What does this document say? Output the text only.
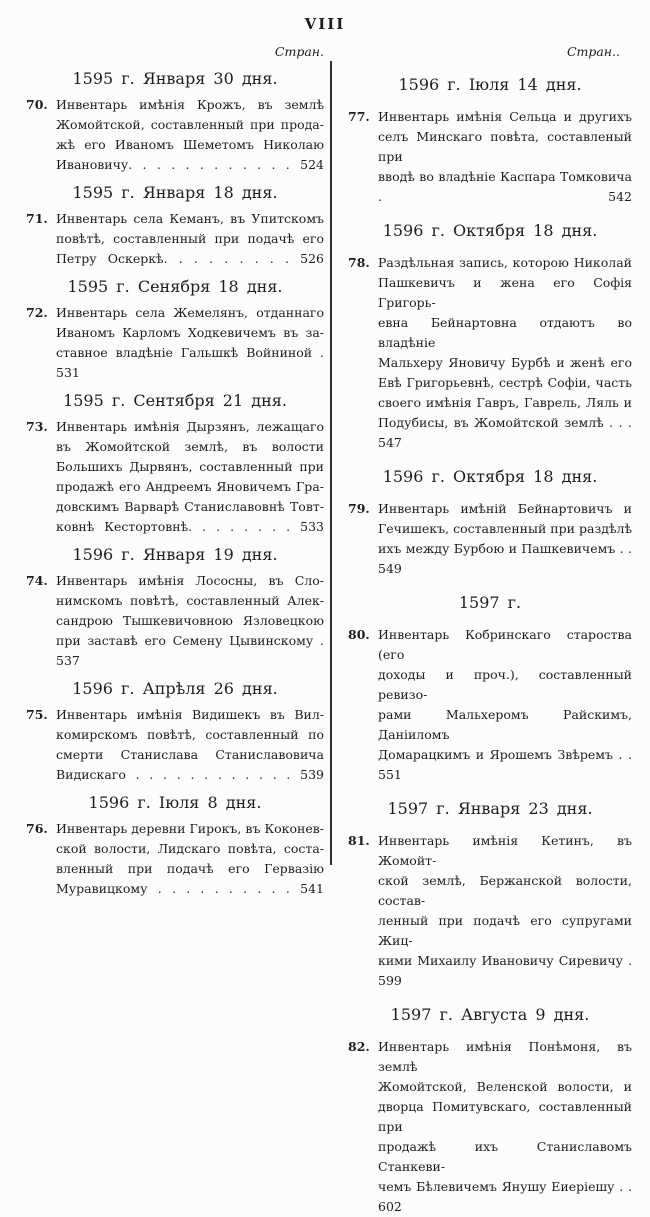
VIII
Стран.	Стран..
1595 г. Января 30 дня.
70. Инвентарь имѣнія Крожъ, въ землѣ
Жомойтской, составленный при прода-
жѣ его Иваномъ Шеметомъ Николаю
Ивановичу. . . . . . . . . . . . 524
1595 г. Января 18 дня.
71. Инвентарь села Кеманъ, въ Упитскомъ
повѣтѣ, составленный при подачѣ его
Петру Оскеркѣ. . . . . . . . . 526
1595 г. Сенября 18 дня.
72. Инвентарь села Жемелянъ, отданнаго
Иваномъ Карломъ Ходкевичемъ въ за-
ставное владѣніе Гальшкѣ Войниной . 531
1595 г. Сентября 21 дня.
73. Инвентарь имѣнія Дырзянъ, лежащаго
въ Жомойтской землѣ, въ волости
Большихъ Дырвянъ, составленный при
продажѣ его Андреемъ Яновичемъ Гра-
довскимъ Варварѣ Станиславовнѣ Товт-
ковнѣ Кестортовнѣ. . . . . . . . 533
1596 г. Января 19 дня.
74. Инвентарь имѣнія Лососны, въ Сло-
нимскомъ повѣтѣ, составленный Алек-
сандрою Тышкевичовною Язловецкою
при заставѣ его Семену Цывинскому . 537
1596 г. Апрѣля 26 дня.
75. Инвентарь имѣнія Видишекъ въ Вил-
комирскомъ повѣтѣ, составленный по
смерти Станислава Станиславовича
Видискаго . . . . . . . . . . . . 539
1596 г. Іюля 8 дня.
76. Инвентарь деревни Гирокъ, въ Коконев-
ской волости, Лидскаго повѣта, соста-
вленный при подачѣ его Гервазію
Муравицкому . . . . . . . . . . 541
1596 г. Іюля 14 дня.
77. Инвентарь имѣнія Сельца и другихъ
селъ Минскаго повѣта, составленый при
вводѣ во владѣніе Каспара Томковича . 542
1596 г. Октября 18 дня.
78. Раздѣльная запись, которою Николай
Пашкевичъ и жена его Софія Григорь-
евна Бейнартовна отдаютъ во владѣніе
Мальхеру Яновичу Бурбѣ и женѣ его
Евѣ Григорьевнѣ, сестрѣ Софіи, часть
своего имѣнія Гавръ, Гаврель, Ляль и
Подубисы, въ Жомойтской землѣ . . . 547
1596 г. Октября 18 дня.
79. Инвентарь имѣній Бейнартовичъ и
Гечишекъ, составленный при раздѣлѣ
ихъ между Бурбою и Пашкевичемъ . . 549
1597 г.
80. Инвентарь Кобринскаго староства (его
доходы и проч.), составленный ревизо-
рами Мальхеромъ Райскимъ, Даніиломъ
Домарацкимъ и Ярошемъ Звѣремъ . . 551
1597 г. Января 23 дня.
81. Инвентарь имѣнія Кетинъ, въ Жомойт-
ской землѣ, Бержанской волости, состав-
ленный при подачѣ его супругами Жиц-
кими Михаилу Ивановичу Сиревичу . 599
1597 г. Августа 9 дня.
82. Инвентарь имѣнія Понѣмоня, въ землѣ
Жомойтской, Веленской волости, и
дворца Помитувскаго, составленный при
продажѣ ихъ Станиславомъ Станкеви-
чемъ Бѣлевичемъ Янушу Еиеріешу . . 602
